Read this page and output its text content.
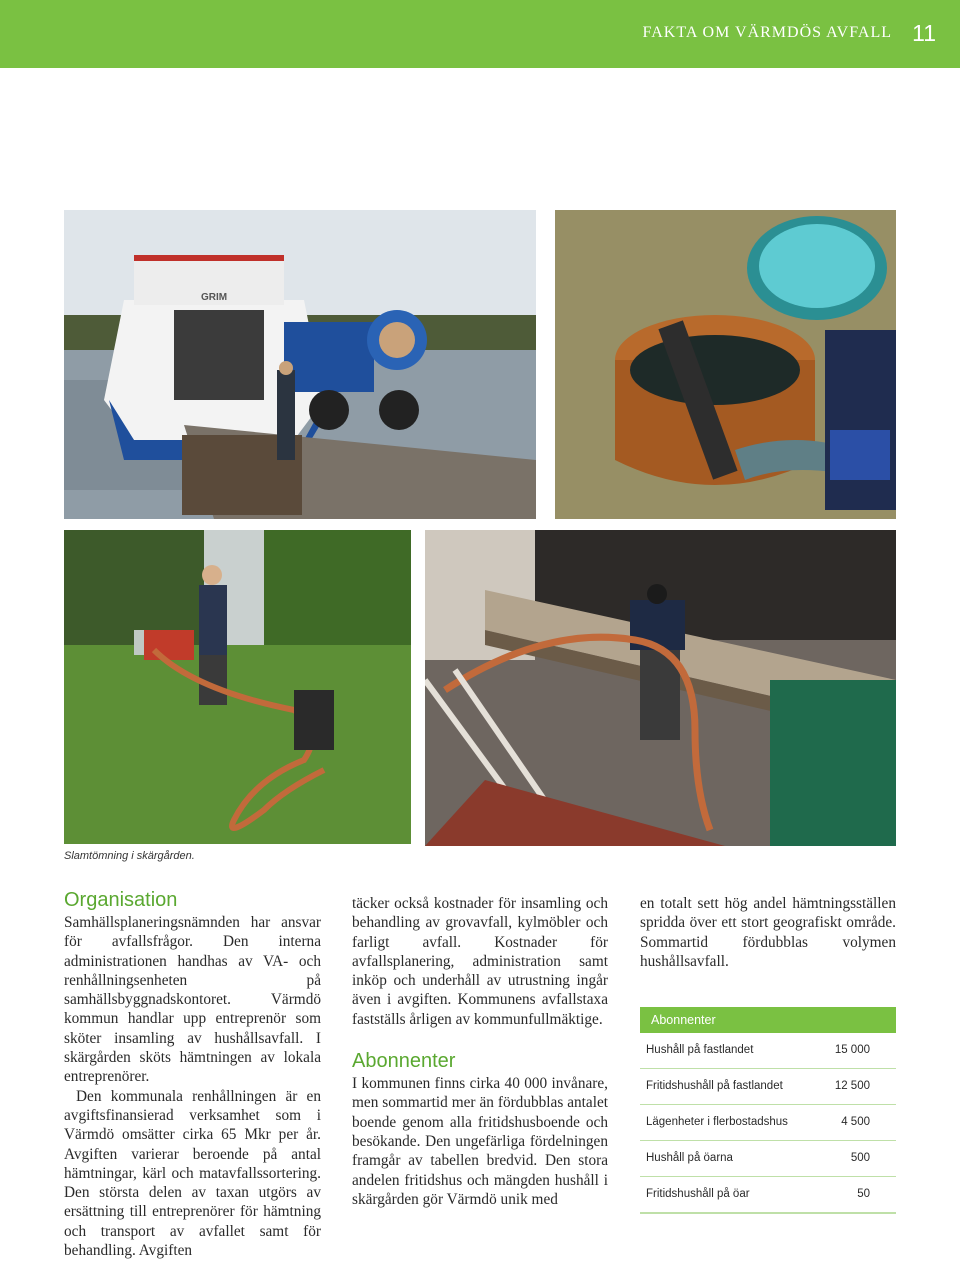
FAKTA OM VÄRMDÖS AVFALL 11
GRIM
Slamtömning i skärgården.
Organisation

Samhällsplaneringsnämnden har ansvar för avfallsfrågor. Den interna administrationen handhas av VA- och renhållningsenheten på samhällsbyggnadskontoret. Värmdö kommun handlar upp entreprenör som sköter insamling av hushållsavfall. I skärgården sköts hämtningen av lokala entreprenörer.

Den kommunala renhållningen är en avgiftsfinansierad verksamhet som i Värmdö omsätter cirka 65 Mkr per år. Avgiften varierar beroende på antal hämtningar, kärl och matavfallssortering. Den största delen av taxan utgörs av ersättning till entreprenörer för hämtning och transport av avfallet samt för behandling. Avgiften

täcker också kostnader för insamling och behandling av grovavfall, kylmöbler och farligt avfall. Kostnader för avfallsplanering, administration samt inköp och underhåll av utrustning ingår även i avgiften. Kommunens avfallstaxa fastställs årligen av kommunfullmäktige.

Abonnenter

I kommunen finns cirka 40 000 invånare, men sommartid mer än fördubblas antalet boende genom alla fritidshusboende och besökande. Den ungefärliga fördelningen framgår av tabellen bredvid. Den stora andelen fritidshus och mängden hushåll i skärgården gör Värmdö unik med

en totalt sett hög andel hämtningsställen spridda över ett stort geografiskt område. Sommartid fördubblas volymen hushållsavfall.

Abonnenter
Hushåll på fastlandet	15 000
Fritidshushåll på fastlandet	12 500
Lägenheter i flerbostadshus	4 500
Hushåll på öarna	500
Fritidshushåll på öar	50
